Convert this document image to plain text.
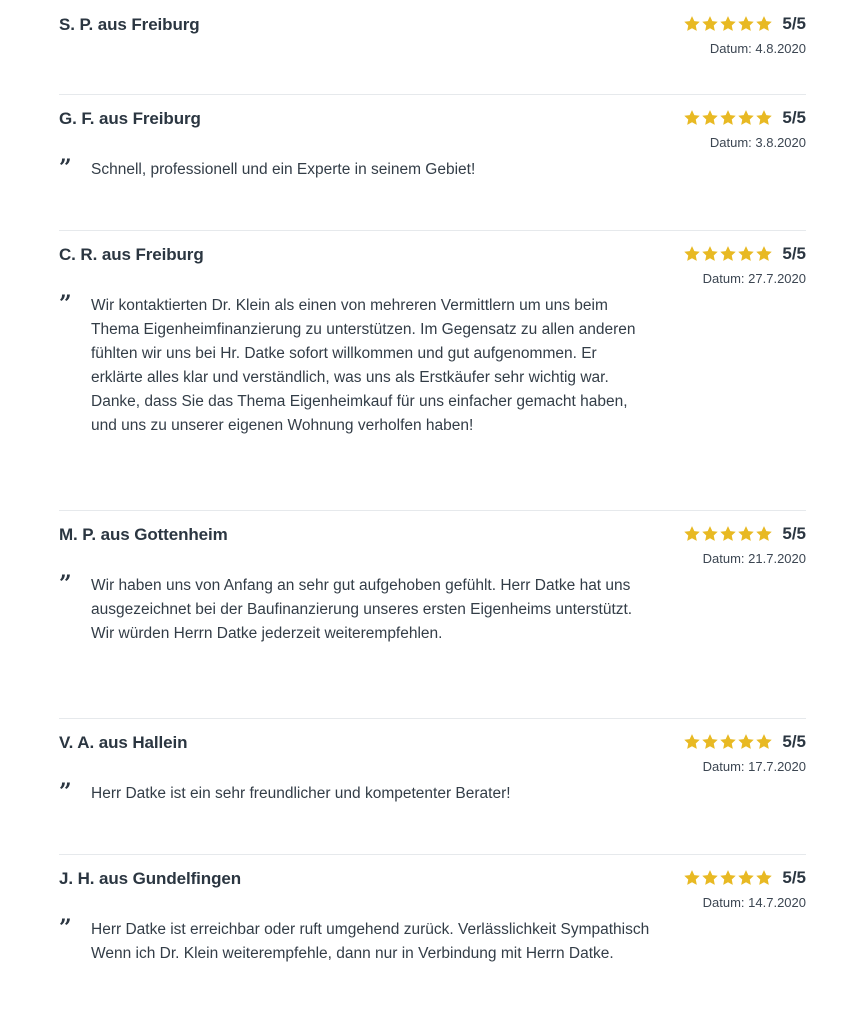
S. P. aus Freiburg	5/5
Datum: 4.8.2020
G. F. aus Freiburg	5/5
Datum: 3.8.2020
”	Schnell, professionell und ein Experte in seinem Gebiet!
C. R. aus Freiburg	5/5
Datum: 27.7.2020
”	Wir kontaktierten Dr. Klein als einen von mehreren Vermittlern um uns beim Thema Eigenheimfinanzierung zu unterstützen. Im Gegensatz zu allen anderen fühlten wir uns bei Hr. Datke sofort willkommen und gut aufgenommen. Er erklärte alles klar und verständlich, was uns als Erstkäufer sehr wichtig war. Danke, dass Sie das Thema Eigenheimkauf für uns einfacher gemacht haben, und uns zu unserer eigenen Wohnung verholfen haben!
M. P. aus Gottenheim	5/5
Datum: 21.7.2020
”	Wir haben uns von Anfang an sehr gut aufgehoben gefühlt. Herr Datke hat uns ausgezeichnet bei der Baufinanzierung unseres ersten Eigenheims unterstützt. Wir würden Herrn Datke jederzeit weiterempfehlen.
V. A. aus Hallein	5/5
Datum: 17.7.2020
”	Herr Datke ist ein sehr freundlicher und kompetenter Berater!
J. H. aus Gundelfingen	5/5
Datum: 14.7.2020
”	Herr Datke ist erreichbar oder ruft umgehend zurück. Verlässlichkeit Sympathisch Wenn ich Dr. Klein weiterempfehle, dann nur in Verbindung mit Herrn Datke.
